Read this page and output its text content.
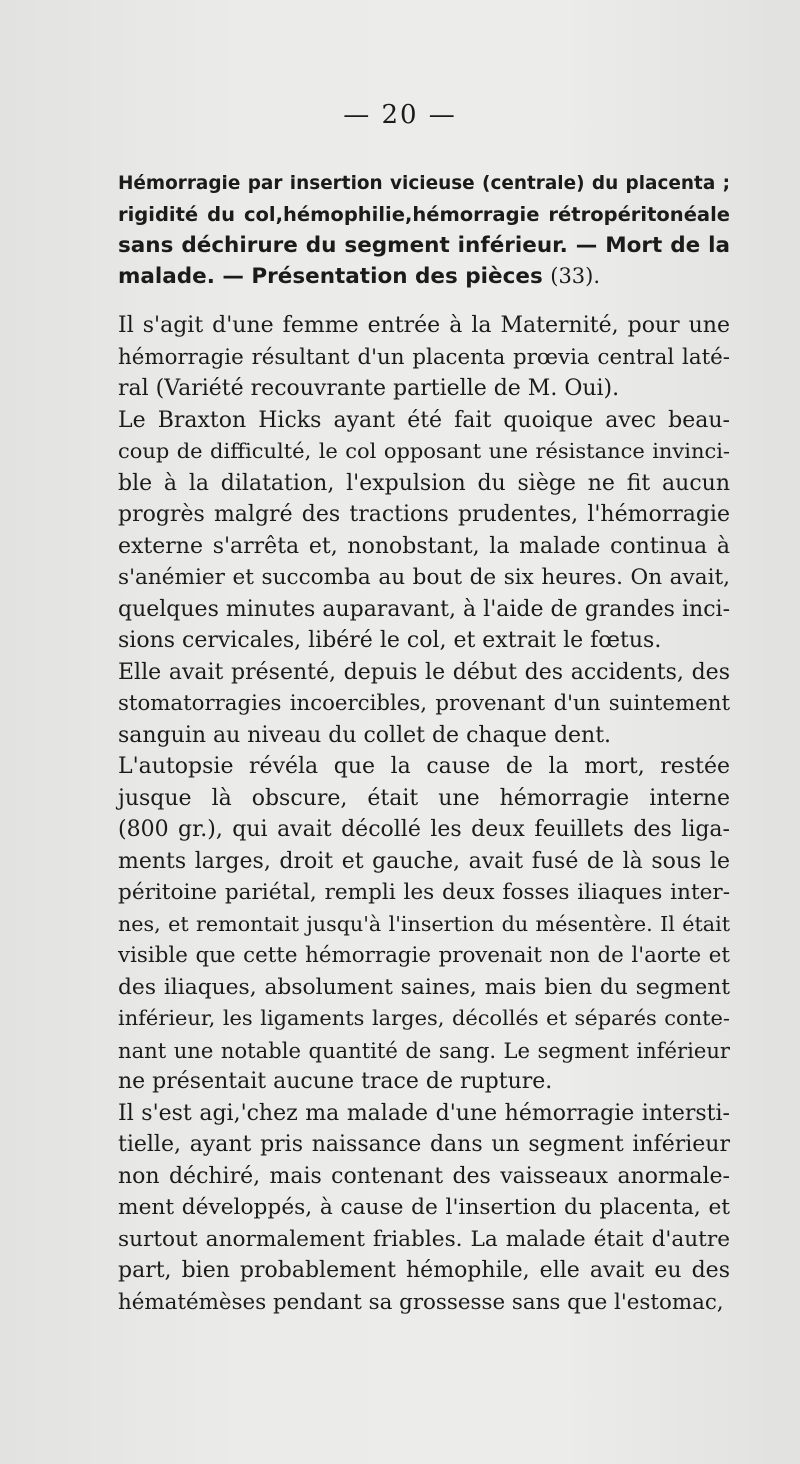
— 20 —
Hémorragie par insertion vicieuse (centrale) du placenta ;
rigidité du col,hémophilie,hémorragie rétropéritonéale
sans déchirure du segment inférieur. — Mort de la
malade. — Présentation des pièces (33).

Il s'agit d'une femme entrée à la Maternité, pour une
hémorragie résultant d'un placenta prœvia central laté-
ral (Variété recouvrante partielle de M. Oui).

Le Braxton Hicks ayant été fait quoique avec beau-
coup de difficulté, le col opposant une résistance invinci-
ble à la dilatation, l'expulsion du siège ne fit aucun
progrès malgré des tractions prudentes, l'hémorragie
externe s'arrêta et, nonobstant, la malade continua à
s'anémier et succomba au bout de six heures. On avait,
quelques minutes auparavant, à l'aide de grandes inci-
sions cervicales, libéré le col, et extrait le fœtus.

Elle avait présenté, depuis le début des accidents, des
stomatorragies incoercibles, provenant d'un suintement
sanguin au niveau du collet de chaque dent.

L'autopsie révéla que la cause de la mort, restée
jusque là obscure, était une hémorragie interne
(800 gr.), qui avait décollé les deux feuillets des liga-
ments larges, droit et gauche, avait fusé de là sous le
péritoine pariétal, rempli les deux fosses iliaques inter-
nes, et remontait jusqu'à l'insertion du mésentère. Il était
visible que cette hémorragie provenait non de l'aorte et
des iliaques, absolument saines, mais bien du segment
inférieur, les ligaments larges, décollés et séparés conte-
nant une notable quantité de sang. Le segment inférieur
ne présentait aucune trace de rupture.

Il s'est agi,'chez ma malade d'une hémorragie intersti-
tielle, ayant pris naissance dans un segment inférieur
non déchiré, mais contenant des vaisseaux anormale-
ment développés, à cause de l'insertion du placenta, et
surtout anormalement friables. La malade était d'autre
part, bien probablement hémophile, elle avait eu des
hématémèses pendant sa grossesse sans que l'estomac,
